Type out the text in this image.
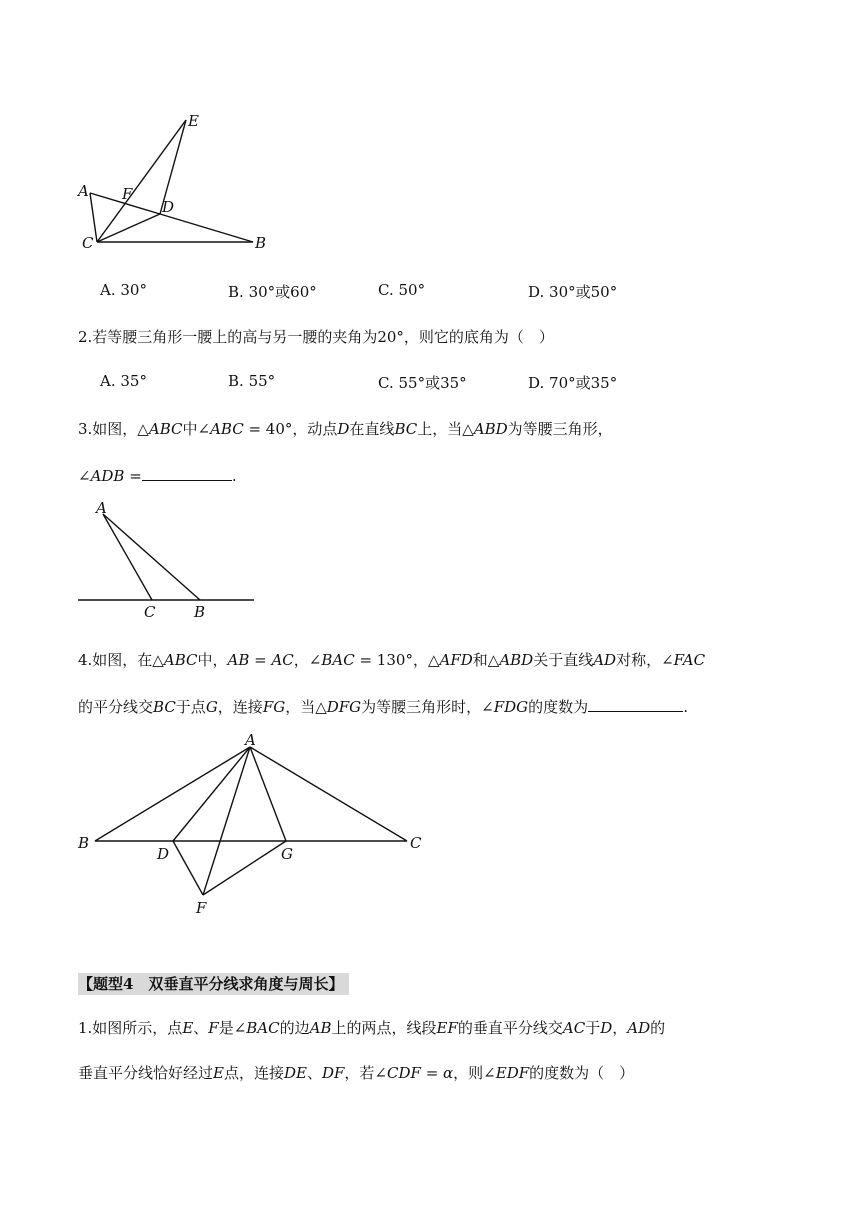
E
A F
D
C	B
A. 30°	B. 30°或60°	C. 50°	D. 30°或50°
2.若等腰三角形一腰上的高与另一腰的夹角为20°，则它的底角为（　）
A. 35°	B. 55°	C. 55°或35°	D. 70°或35°
3.如图，△ABC中∠ABC = 40°，动点D在直线BC上，当△ABD为等腰三角形，
∠ADB =	.
A
C	B
4.如图，在△ABC中，AB = AC，∠BAC = 130°，△AFD和△ABD关于直线AD对称，∠FAC
的平分线交BC于点G，连接FG，当△DFG为等腰三角形时，∠FDG的度数为	.
A
B
D	G
C
F
【题型4　双垂直平分线求角度与周长】
1.如图所示，点E、F是∠BAC的边AB上的两点，线段EF的垂直平分线交AC于D，AD的
垂直平分线恰好经过E点，连接DE、DF，若∠CDF = α，则∠EDF的度数为（　）
